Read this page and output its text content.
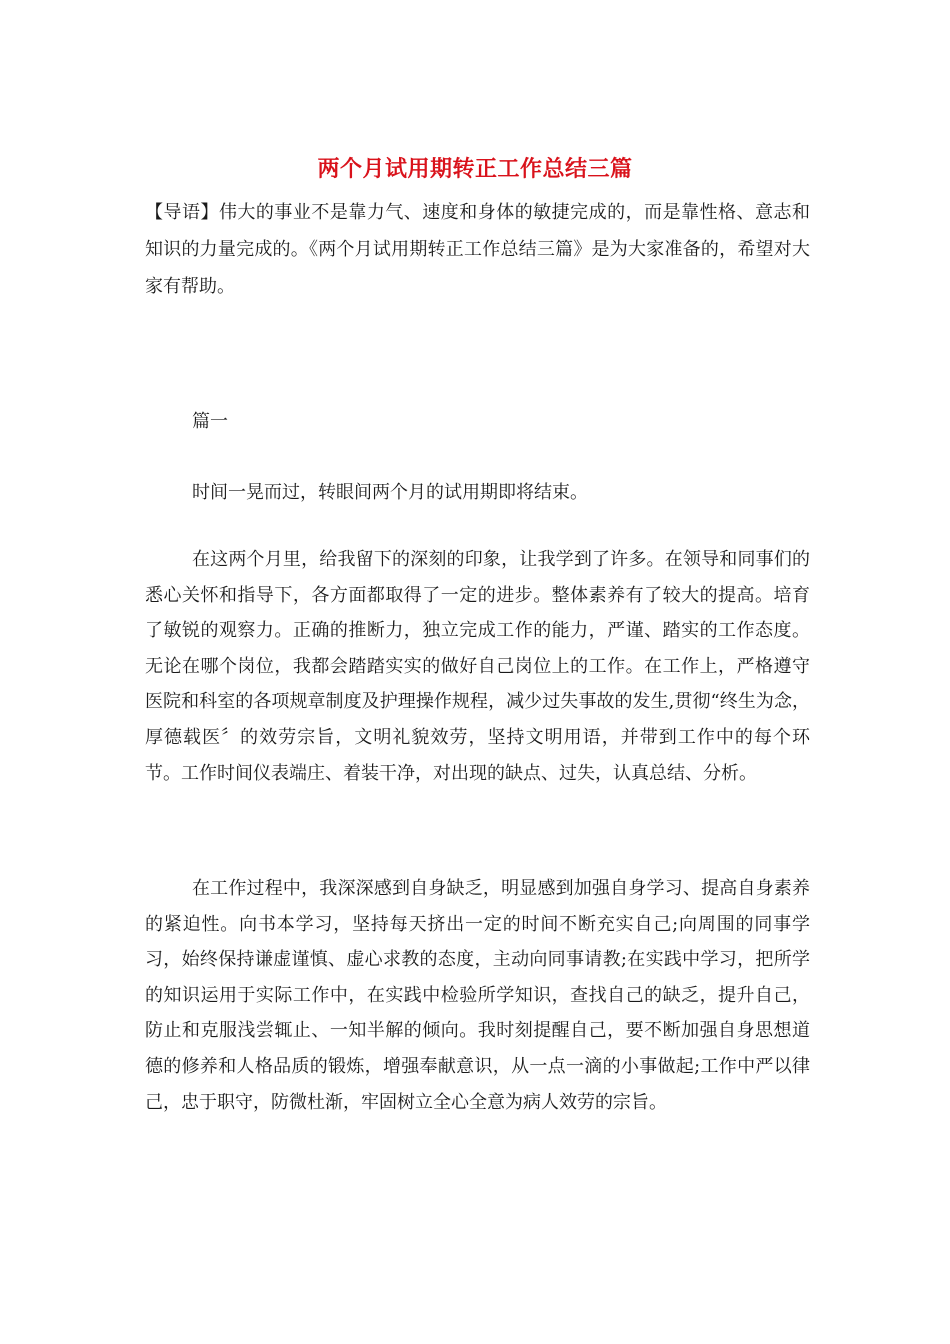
两个月试用期转正工作总结三篇
【导语】伟大的事业不是靠力气、速度和身体的敏捷完成的，而是靠性格、意志和知识的力量完成的。《两个月试用期转正工作总结三篇》是为大家准备的，希望对大家有帮助。
篇一
时间一晃而过，转眼间两个月的试用期即将结束。
在这两个月里，给我留下的深刻的印象，让我学到了许多。在领导和同事们的悉心关怀和指导下，各方面都取得了一定的进步。整体素养有了较大的提高。培育了敏锐的观察力。正确的推断力，独立完成工作的能力，严谨、踏实的工作态度。无论在哪个岗位，我都会踏踏实实的做好自己岗位上的工作。在工作上，严格遵守医院和科室的各项规章制度及护理操作规程，减少过失事故的发生,贯彻“终生为念，厚德载医〞的效劳宗旨，文明礼貌效劳，坚持文明用语，并带到工作中的每个环节。工作时间仪表端庄、着装干净，对出现的缺点、过失，认真总结、分析。
在工作过程中，我深深感到自身缺乏，明显感到加强自身学习、提高自身素养的紧迫性。向书本学习，坚持每天挤出一定的时间不断充实自己;向周围的同事学习，始终保持谦虚谨慎、虚心求教的态度，主动向同事请教;在实践中学习，把所学的知识运用于实际工作中，在实践中检验所学知识，查找自己的缺乏，提升自己，防止和克服浅尝辄止、一知半解的倾向。我时刻提醒自己，要不断加强自身思想道德的修养和人格品质的锻炼，增强奉献意识，从一点一滴的小事做起;工作中严以律己，忠于职守，防微杜渐，牢固树立全心全意为病人效劳的宗旨。
